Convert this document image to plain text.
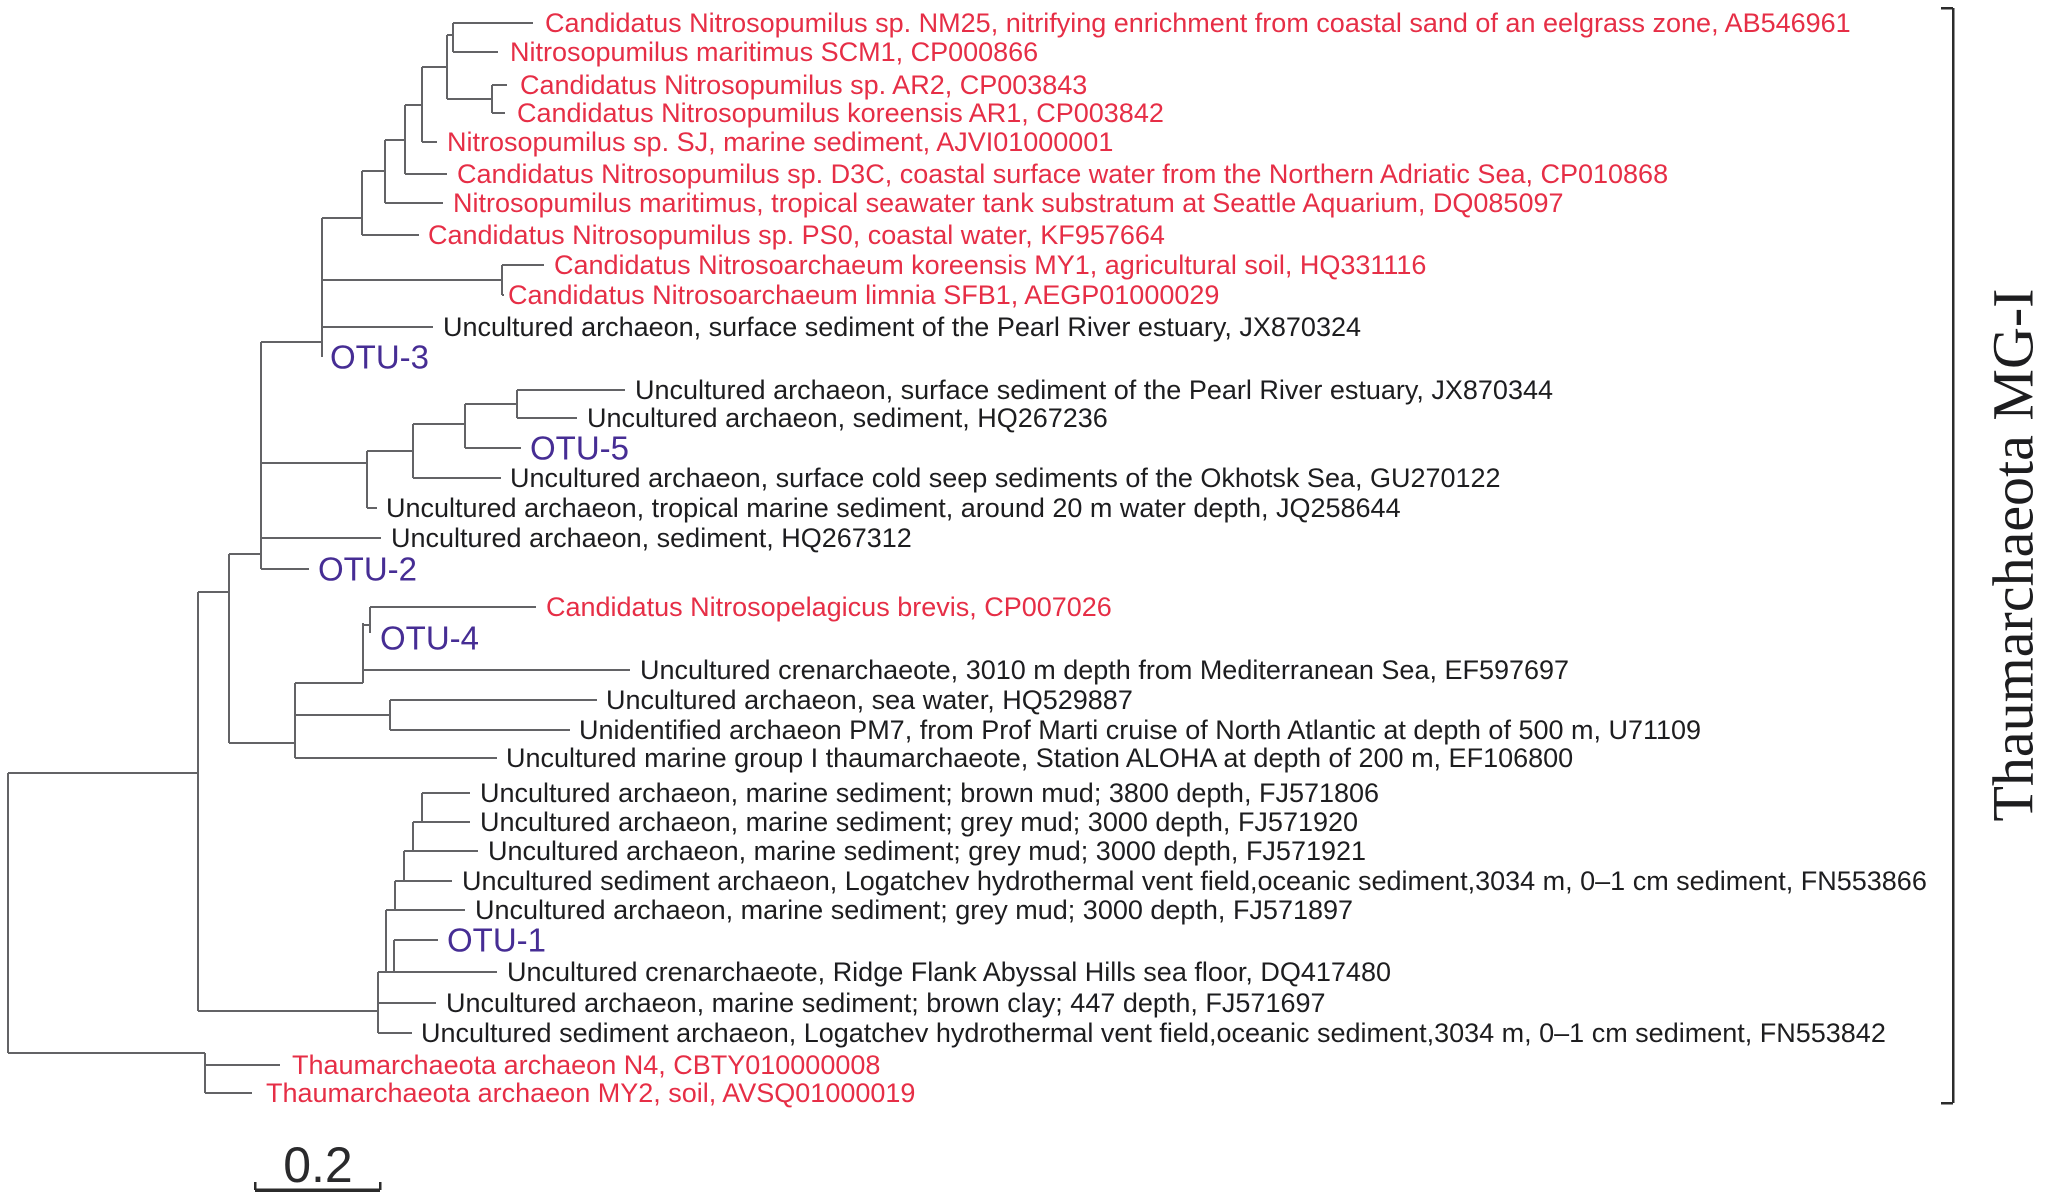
Candidatus Nitrosopumilus sp. NM25, nitrifying enrichment from coastal sand of an eelgrass zone, AB546961
Nitrosopumilus maritimus SCM1, CP000866
Candidatus Nitrosopumilus sp. AR2, CP003843
Candidatus Nitrosopumilus koreensis AR1, CP003842
Nitrosopumilus sp. SJ, marine sediment, AJVI01000001
Candidatus Nitrosopumilus sp. D3C, coastal surface water from the Northern Adriatic Sea, CP010868
Nitrosopumilus maritimus, tropical seawater tank substratum at Seattle Aquarium, DQ085097
Candidatus Nitrosopumilus sp. PS0, coastal water, KF957664
Candidatus Nitrosoarchaeum koreensis MY1, agricultural soil, HQ331116
Candidatus Nitrosoarchaeum limnia SFB1, AEGP01000029
Uncultured archaeon, surface sediment of the Pearl River estuary, JX870324
OTU-3
Uncultured archaeon, surface sediment of the Pearl River estuary, JX870344
Uncultured archaeon, sediment, HQ267236
OTU-5
Uncultured archaeon, surface cold seep sediments of the Okhotsk Sea, GU270122
Uncultured archaeon, tropical marine sediment, around 20 m water depth, JQ258644
Uncultured archaeon, sediment, HQ267312
OTU-2
Candidatus Nitrosopelagicus brevis, CP007026
OTU-4
Uncultured crenarchaeote, 3010 m depth from Mediterranean Sea, EF597697
Uncultured archaeon, sea water, HQ529887
Unidentified archaeon PM7, from Prof Marti cruise of North Atlantic at depth of 500 m, U71109
Uncultured marine group I thaumarchaeote, Station ALOHA at depth of 200 m, EF106800
Uncultured archaeon, marine sediment; brown mud; 3800 depth, FJ571806
Uncultured archaeon, marine sediment; grey mud; 3000 depth, FJ571920
Uncultured archaeon, marine sediment; grey mud; 3000 depth, FJ571921
Uncultured sediment archaeon, Logatchev hydrothermal vent field,oceanic sediment,3034 m, 0–1 cm sediment, FN553866
Uncultured archaeon, marine sediment; grey mud; 3000 depth, FJ571897
OTU-1
Uncultured crenarchaeote, Ridge Flank Abyssal Hills sea floor, DQ417480
Uncultured archaeon, marine sediment; brown clay; 447 depth, FJ571697
Uncultured sediment archaeon, Logatchev hydrothermal vent field,oceanic sediment,3034 m, 0–1 cm sediment, FN553842
Thaumarchaeota archaeon N4, CBTY010000008
Thaumarchaeota archaeon MY2, soil, AVSQ01000019
Thaumarchaeota MG-I
0.2
